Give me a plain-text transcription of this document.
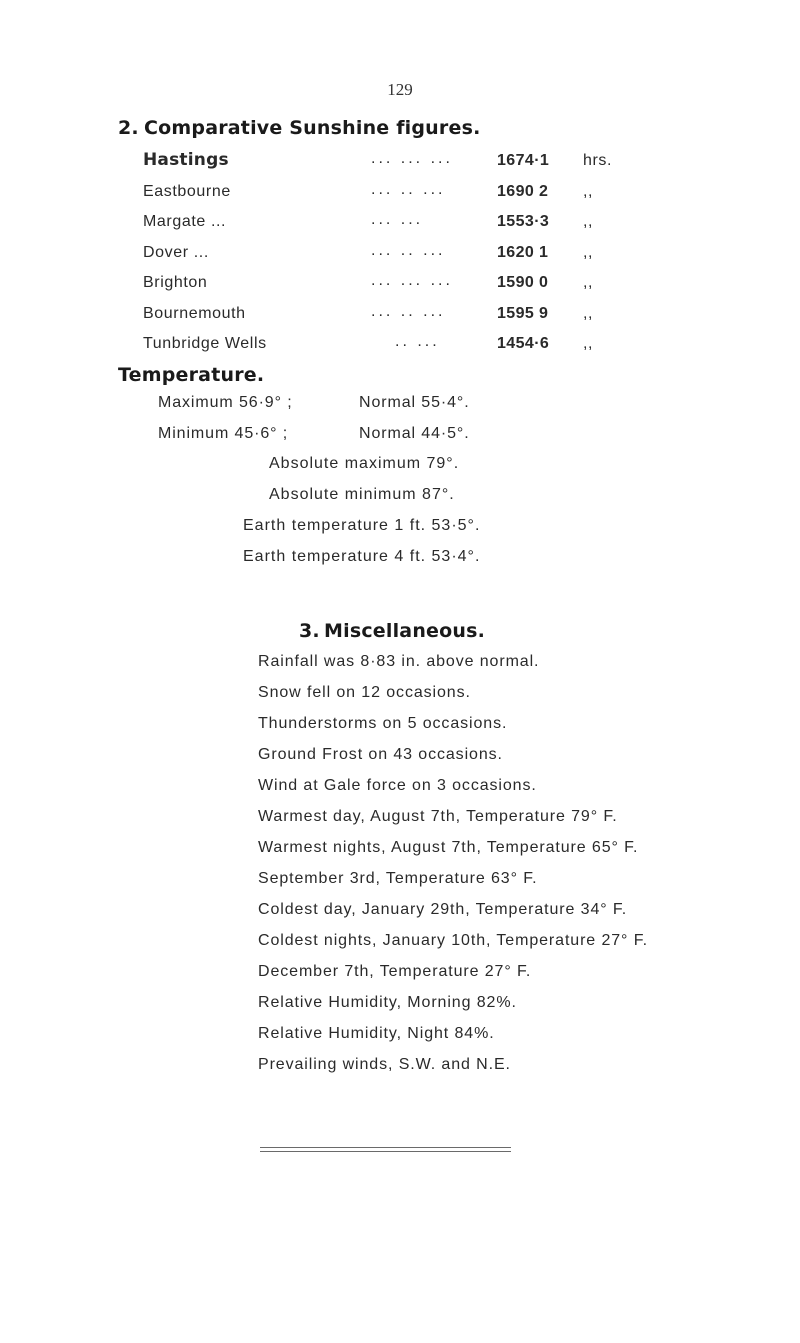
129
2. Comparative Sunshine figures.
Hastings	... ... ...	1674·1 hrs.
Eastbourne	... .. ...	1690 2 ,,
Margate ...	... ...	1553·3 ,,
Dover ...	... .. ...	1620 1 ,,
Brighton	... ... ...	1590 0 ,,
Bournemouth	... .. ...	1595 9 ,,
Tunbridge Wells	.. ...	1454·6 ,,
Temperature.
Maximum 56·9° ;	Normal 55·4°.
Minimum 45·6° ;	Normal 44·5°.
Absolute maximum 79°.
Absolute minimum 87°.
Earth temperature 1 ft. 53·5°.
Earth temperature 4 ft. 53·4°.
3. Miscellaneous.
Rainfall was 8·83 in. above normal.
Snow fell on 12 occasions.
Thunderstorms on 5 occasions.
Ground Frost on 43 occasions.
Wind at Gale force on 3 occasions.
Warmest day, August 7th, Temperature 79° F.
Warmest nights, August 7th, Temperature 65° F.
September 3rd, Temperature 63° F.
Coldest day, January 29th, Temperature 34° F.
Coldest nights, January 10th, Temperature 27° F.
December 7th, Temperature 27° F.
Relative Humidity, Morning 82%.
Relative Humidity, Night 84%.
Prevailing winds, S.W. and N.E.
